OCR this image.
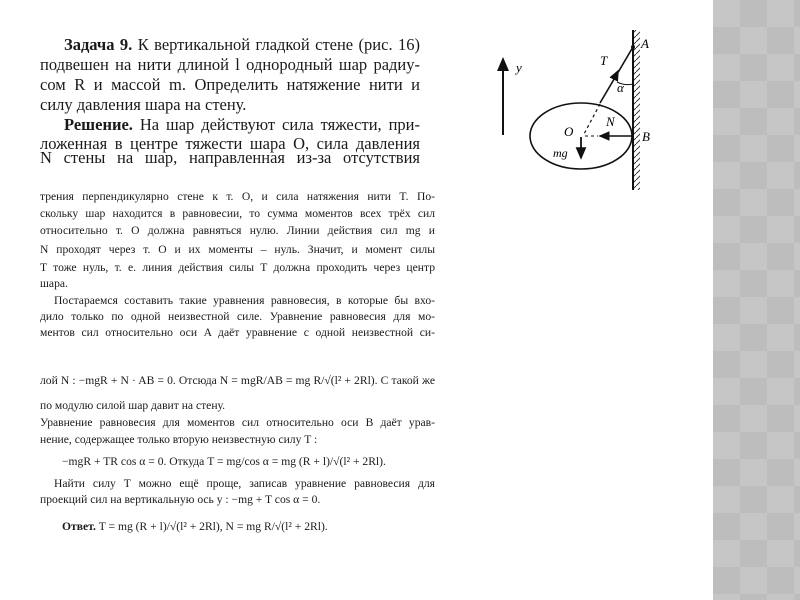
Задача 9. К вертикальной гладкой стене (рис. 16)
подвешен на нити длиной l однородный шар радиу-
сом R и массой m. Определить натяжение нити и
силу давления шара на стену.
Решение. На шар действуют сила тяжести, при-
ложенная в центре тяжести шара O, сила давления
N стены на шар, направленная из-за отсутствия
трения перпендикулярно стене к т. O, и сила натяжения нити T. По-
скольку шар находится в равновесии, то сумма моментов всех трёх сил
относительно т. O должна равняться нулю. Линии действия сил mg и
N проходят через т. O и их моменты – нуль. Значит, и момент силы
T тоже нуль, т. е. линия действия силы T должна проходить через центр
шара.
Постараемся составить такие уравнения равновесия, в которые бы вхо-
дило только по одной неизвестной силе. Уравнение равновесия для мо-
ментов сил относительно оси A даёт уравнение с одной неизвестной си-
лой N : −mgR + N · AB = 0. Отсюда N = mgR/AB = mg R/√(l² + 2Rl). С такой же
по модулю силой шар давит на стену.
Уравнение равновесия для моментов сил относительно оси B даёт урав-
нение, содержащее только вторую неизвестную силу T :
−mgR + TR cos α = 0. Откуда T = mg/cos α = mg (R + l)/√(l² + 2Rl).
Найти силу T можно ещё проще, записав уравнение равновесия для
проекций сил на вертикальную ось y : −mg + T cos α = 0.
Ответ. T = mg (R + l)/√(l² + 2Rl), N = mg R/√(l² + 2Rl).
y
A
T
α
N
O	B
mg
